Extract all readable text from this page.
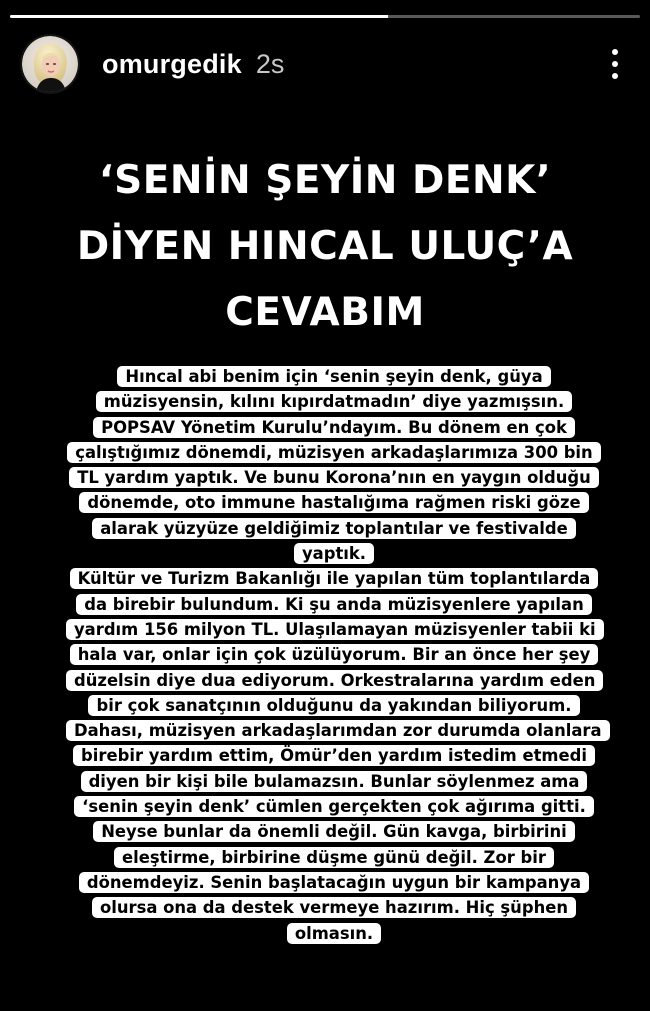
omurgedik 2s
‘SENİN ŞEYİN DENK’
DİYEN HINCAL ULUÇ’A
CEVABIM
Hıncal abi benim için ‘senin şeyin denk, güya
müzisyensin, kılını kıpırdatmadın’ diye yazmışsın.
POPSAV Yönetim Kurulu’ndayım. Bu dönem en çok
çalıştığımız dönemdi, müzisyen arkadaşlarımıza 300 bin
TL yardım yaptık. Ve bunu Korona’nın en yaygın olduğu
dönemde, oto immune hastalığıma rağmen riski göze
alarak yüzyüze geldiğimiz toplantılar ve festivalde
yaptık.
Kültür ve Turizm Bakanlığı ile yapılan tüm toplantılarda
da birebir bulundum. Ki şu anda müzisyenlere yapılan
yardım 156 milyon TL. Ulaşılamayan müzisyenler tabii ki
hala var, onlar için çok üzülüyorum. Bir an önce her şey
düzelsin diye dua ediyorum. Orkestralarına yardım eden
bir çok sanatçının olduğunu da yakından biliyorum.
Dahası, müzisyen arkadaşlarımdan zor durumda olanlara
birebir yardım ettim, Ömür’den yardım istedim etmedi
diyen bir kişi bile bulamazsın. Bunlar söylenmez ama
‘senin şeyin denk’ cümlen gerçekten çok ağırıma gitti.
Neyse bunlar da önemli değil. Gün kavga, birbirini
eleştirme, birbirine düşme günü değil. Zor bir
dönemdeyiz. Senin başlatacağın uygun bir kampanya
olursa ona da destek vermeye hazırım. Hiç şüphen
olmasın.
